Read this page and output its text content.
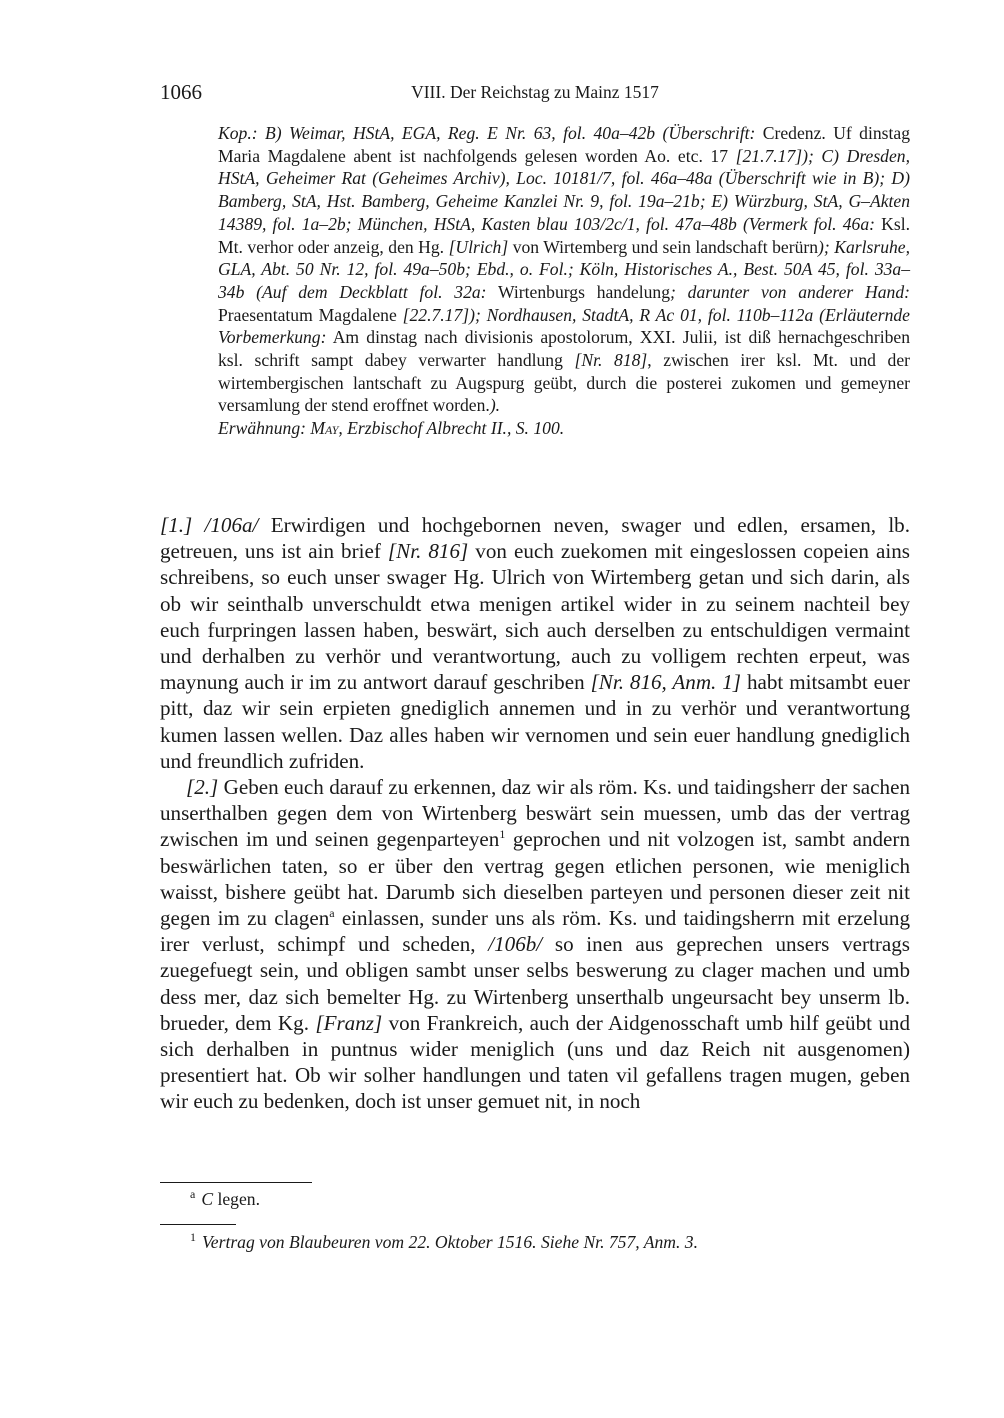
1066	VIII. Der Reichstag zu Mainz 1517

Kop.: B) Weimar, HStA, EGA, Reg. E Nr. 63, fol. 40a–42b (Überschrift: Credenz. Uf dinstag Maria Magdalene abent ist nachfolgends gelesen worden Ao. etc. 17 [21.7.17]); C) Dresden, HStA, Geheimer Rat (Geheimes Archiv), Loc. 10181/7, fol. 46a–48a (Überschrift wie in B); D) Bamberg, StA, Hst. Bamberg, Geheime Kanzlei Nr. 9, fol. 19a–21b; E) Würzburg, StA, G–Akten 14389, fol. 1a–2b; München, HStA, Kasten blau 103/2c/1, fol. 47a–48b (Vermerk fol. 46a: Ksl. Mt. verhor oder anzeig, den Hg. [Ulrich] von Wirtemberg und sein landschaft berürn); Karlsruhe, GLA, Abt. 50 Nr. 12, fol. 49a–50b; Ebd., o. Fol.; Köln, Historisches A., Best. 50A 45, fol. 33a–34b (Auf dem Deckblatt fol. 32a: Wirtenburgs handelung; darunter von anderer Hand: Praesentatum Magdalene [22.7.17]); Nordhausen, StadtA, R Ac 01, fol. 110b–112a (Erläuternde Vorbemerkung: Am dinstag nach divisionis apostolorum, XXI. Julii, ist diß hernachgeschriben ksl. schrift sampt dabey verwarter handlung [Nr. 818], zwischen irer ksl. Mt. und der wirtembergischen lantschaft zu Augspurg geübt, durch die posterei zukomen und gemeyner versamlung der stend eroffnet worden.).

Erwähnung: May, Erzbischof Albrecht II., S. 100.

[1.] /106a/ Erwirdigen und hochgebornen neven, swager und edlen, ersamen, lb. getreuen, uns ist ain brief [Nr. 816] von euch zuekomen mit eingeslossen copeien ains schreibens, so euch unser swager Hg. Ulrich von Wirtemberg getan und sich darin, als ob wir seinthalb unverschuldt etwa menigen artikel wider in zu seinem nachteil bey euch furpringen lassen haben, beswärt, sich auch derselben zu entschuldigen vermaint und derhalben zu verhör und verantwortung, auch zu volligem rechten erpeut, was maynung auch ir im zu antwort darauf geschriben [Nr. 816, Anm. 1] habt mitsambt euer pitt, daz wir sein erpieten gnediglich annemen und in zu verhör und verantwortung kumen lassen wellen. Daz alles haben wir vernomen und sein euer handlung gnediglich und freundlich zufriden.

[2.] Geben euch darauf zu erkennen, daz wir als röm. Ks. und taidingsherr der sachen unserthalben gegen dem von Wirtenberg beswärt sein muessen, umb das der vertrag zwischen im und seinen gegenparteyen$^1$ geprochen und nit volzogen ist, sambt andern beswärlichen taten, so er über den vertrag gegen etlichen personen, wie meniglich waisst, bishere geübt hat. Darumb sich dieselben parteyen und personen dieser zeit nit gegen im zu clagen$^a$ einlassen, sunder uns als röm. Ks. und taidingsherrn mit erzelung irer verlust, schimpf und scheden, /106b/ so inen aus geprechen unsers vertrags zuegefuegt sein, und obligen sambt unser selbs beswerung zu clager machen und umb dess mer, daz sich bemelter Hg. zu Wirtenberg unserthalb ungeursacht bey unserm lb. brueder, dem Kg. [Franz] von Frankreich, auch der Aidgenosschaft umb hilf geübt und sich derhalben in puntnus wider meniglich (uns und daz Reich nit ausgenomen) presentiert hat. Ob wir solher handlungen und taten vil gefallens tragen mugen, geben wir euch zu bedenken, doch ist unser gemuet nit, in noch

$^a$ C legen.
$^1$ Vertrag von Blaubeuren vom 22. Oktober 1516. Siehe Nr. 757, Anm. 3.
